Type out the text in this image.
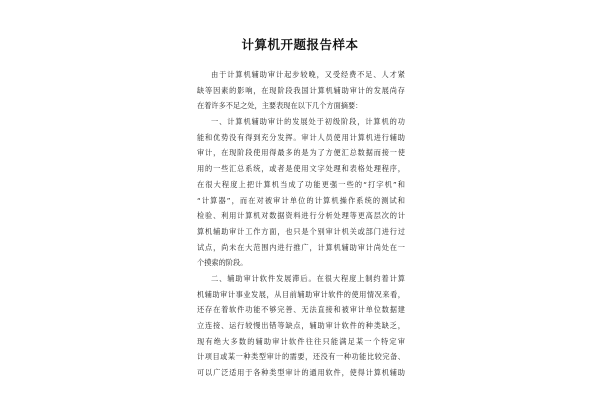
计算机开题报告样本
由于计算机辅助审计起步较晚，又受经费不足、人才紧
缺等因素的影响，在现阶段我国计算机辅助审计的发展尚存
在着许多不足之处，主要表现在以下几个方面摘要：
一、计算机辅助审计的发展处于初级阶段，计算机的功
能和优势没有得到充分发挥。审计人员使用计算机进行辅助
审计，在现阶段使用得最多的是为了方便汇总数据而接一使
用的一些汇总系统，或者是使用文字处理和表格处理程序，
在很大程度上把计算机当成了功能更强一些的“打字机”和
“计算器”，而在对被审计单位的计算机操作系统的测试和
检验、利用计算机对数据资料进行分析处理等更高层次的计
算机辅助审计工作方面，也只是个别审计机关或部门进行过
试点，尚未在大范围内进行推广，计算机辅助审计尚处在一
个摸索的阶段。
二、辅助审计软件发展滞后。在很大程度上制约着计算
机辅助审计事业发展，从目前辅助审计软件的使用情况来看，
还存在着软件功能不够完善、无法直接和被审计单位数据建
立连接、运行较慢出错等缺点，辅助审计软件的种类缺乏，
现有绝大多数的辅助审计软件往往只能满足某一个特定审
计项目或某一种类型审计的需要，还没有一种功能比较完备、
可以广泛适用于各种类型审计的通用软件，使得计算机辅助
